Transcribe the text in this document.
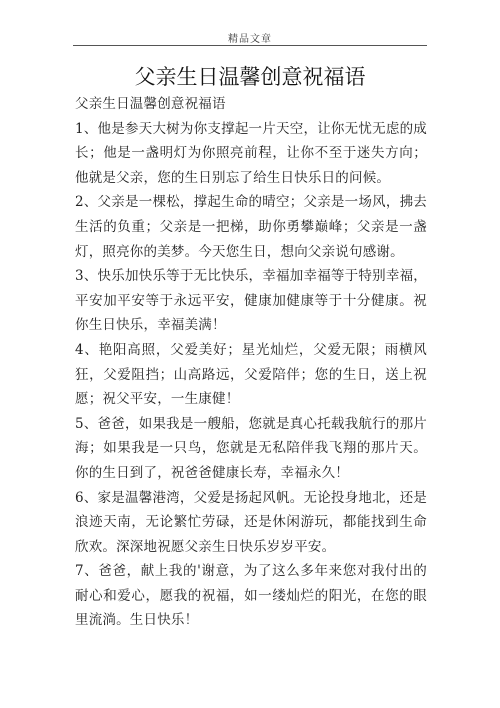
精品文章
父亲生日温馨创意祝福语

父亲生日温馨创意祝福语

1、他是参天大树为你支撑起一片天空，让你无忧无虑的成长；他是一盏明灯为你照亮前程，让你不至于迷失方向；他就是父亲，您的生日别忘了给生日快乐日的问候。

2、父亲是一棵松，撑起生命的晴空；父亲是一场风，拂去生活的负重；父亲是一把梯，助你勇攀巅峰；父亲是一盏灯，照亮你的美梦。今天您生日，想向父亲说句感谢。

3、快乐加快乐等于无比快乐，幸福加幸福等于特别幸福，平安加平安等于永远平安，健康加健康等于十分健康。祝你生日快乐，幸福美满！

4、艳阳高照，父爱美好；星光灿烂，父爱无限；雨横风狂，父爱阻挡；山高路远，父爱陪伴；您的生日，送上祝愿；祝父平安，一生康健！

5、爸爸，如果我是一艘船，您就是真心托载我航行的那片海；如果我是一只鸟，您就是无私陪伴我飞翔的那片天。你的生日到了，祝爸爸健康长寿，幸福永久！

6、家是温馨港湾，父爱是扬起风帆。无论投身地北，还是浪迹天南，无论繁忙劳碌，还是休闲游玩，都能找到生命欣欢。深深地祝愿父亲生日快乐岁岁平安。

7、爸爸，献上我的'谢意，为了这么多年来您对我付出的耐心和爱心，愿我的祝福，如一缕灿烂的阳光，在您的眼里流淌。生日快乐！
